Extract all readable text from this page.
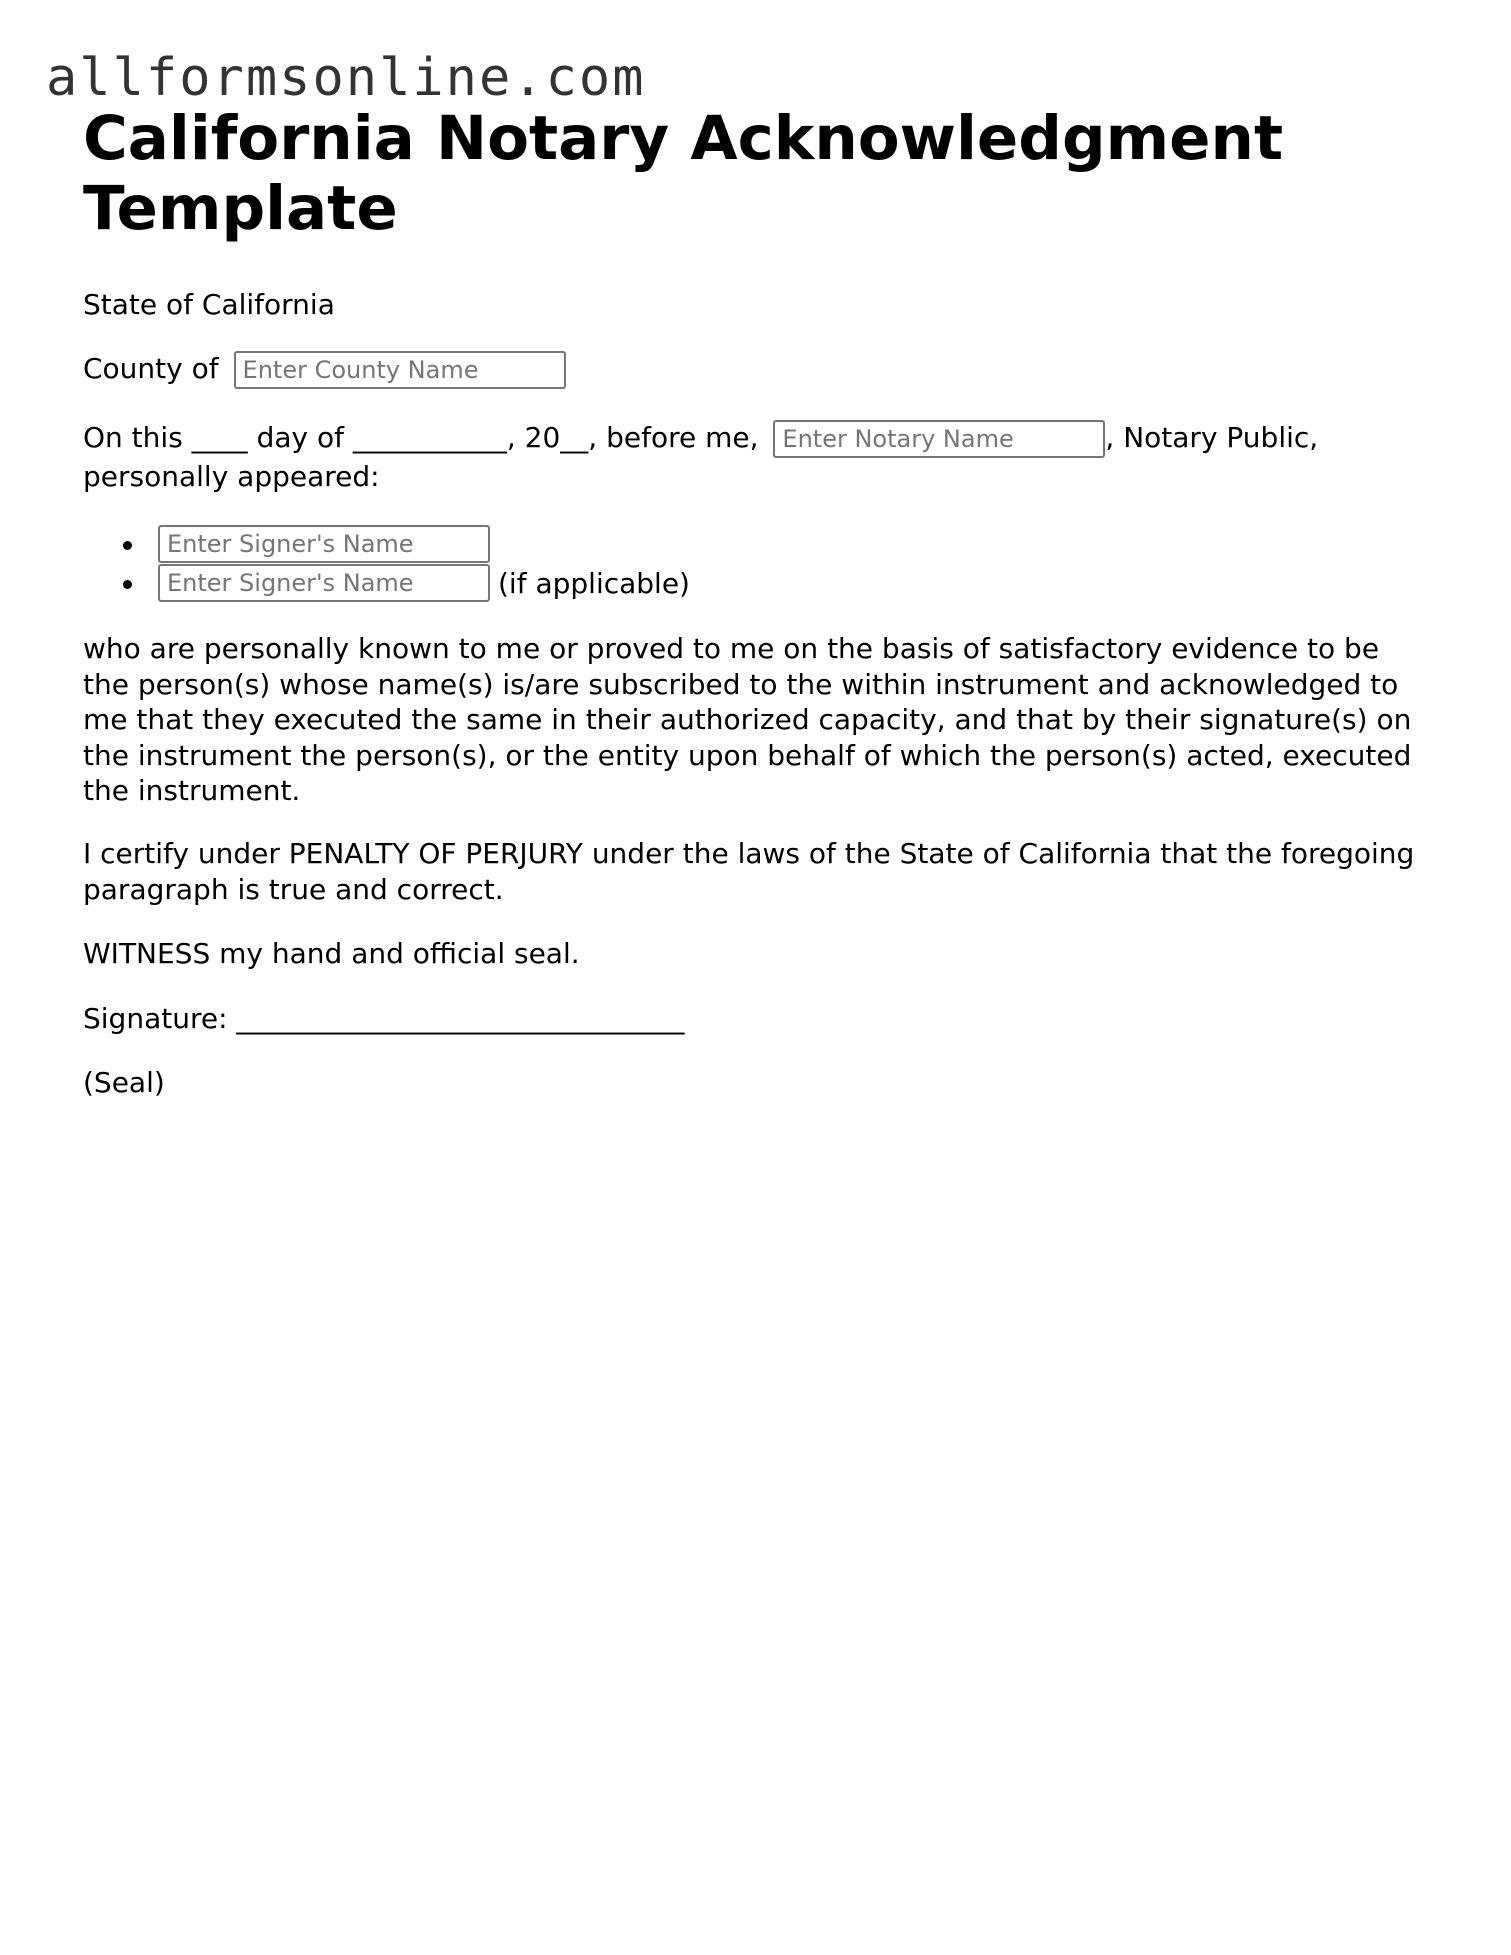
allformsonline.com
California Notary Acknowledgment Template
State of California
County of Enter County Name
On this ____ day of ___________, 20__, before me, Enter Notary Name	, Notary Public,
personally appeared:
Enter Signer's Name
Enter Signer's Name(if applicable)
who are personally known to me or proved to me on the basis of satisfactory evidence to be the person(s) whose name(s) is/are subscribed to the within instrument and acknowledged to me that they executed the same in their authorized capacity, and that by their signature(s) on the instrument the person(s), or the entity upon behalf of which the person(s) acted, executed the instrument.
I certify under PENALTY OF PERJURY under the laws of the State of California that the foregoing paragraph is true and correct.
WITNESS my hand and official seal.
Signature: ________________________________
(Seal)
